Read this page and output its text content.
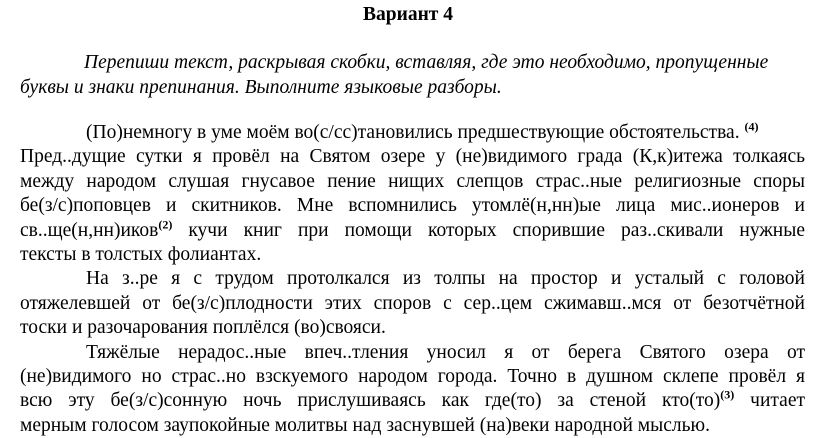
Вариант 4
Перепиши текст, раскрывая скобки, вставляя, где это необходимо, пропущенные
буквы и знаки препинания. Выполните языковые разборы.
(По)немногу в уме моём во(с/сс)тановились предшествующие обстоятельства. $^{(4)}$
Пред..дущие сутки я провёл на Святом озере у (не)видимого града (К,к)итежа толкаясь
между народом слушая гнусавое пение нищих слепцов страс..ные религиозные споры
бе(з/с)поповцев и скитников. Мне вспомнились утомлё(н,нн)ые лица мис..ионеров и
св..ще(н,нн)иков$^{(2)}$ кучи книг при помощи которых спорившие раз..скивали нужные
тексты в толстых фолиантах.
На з..ре я с трудом протолкался из толпы на простор и усталый с головой
отяжелевшей от бе(з/с)плодности этих споров с сер..цем сжимавш..мся от безотчётной
тоски и разочарования поплёлся (во)свояси.
Тяжёлые нерадос..ные впеч..тления уносил я от берега Святого озера от
(не)видимого но страс..но взскуемого народом города. Точно в душном склепе провёл я
всю эту бе(з/с)сонную ночь прислушиваясь как где(то) за стеной кто(то)$^{(3)}$ читает
мерным голосом заупокойные молитвы над заснувшей (на)веки народной мыслью.
